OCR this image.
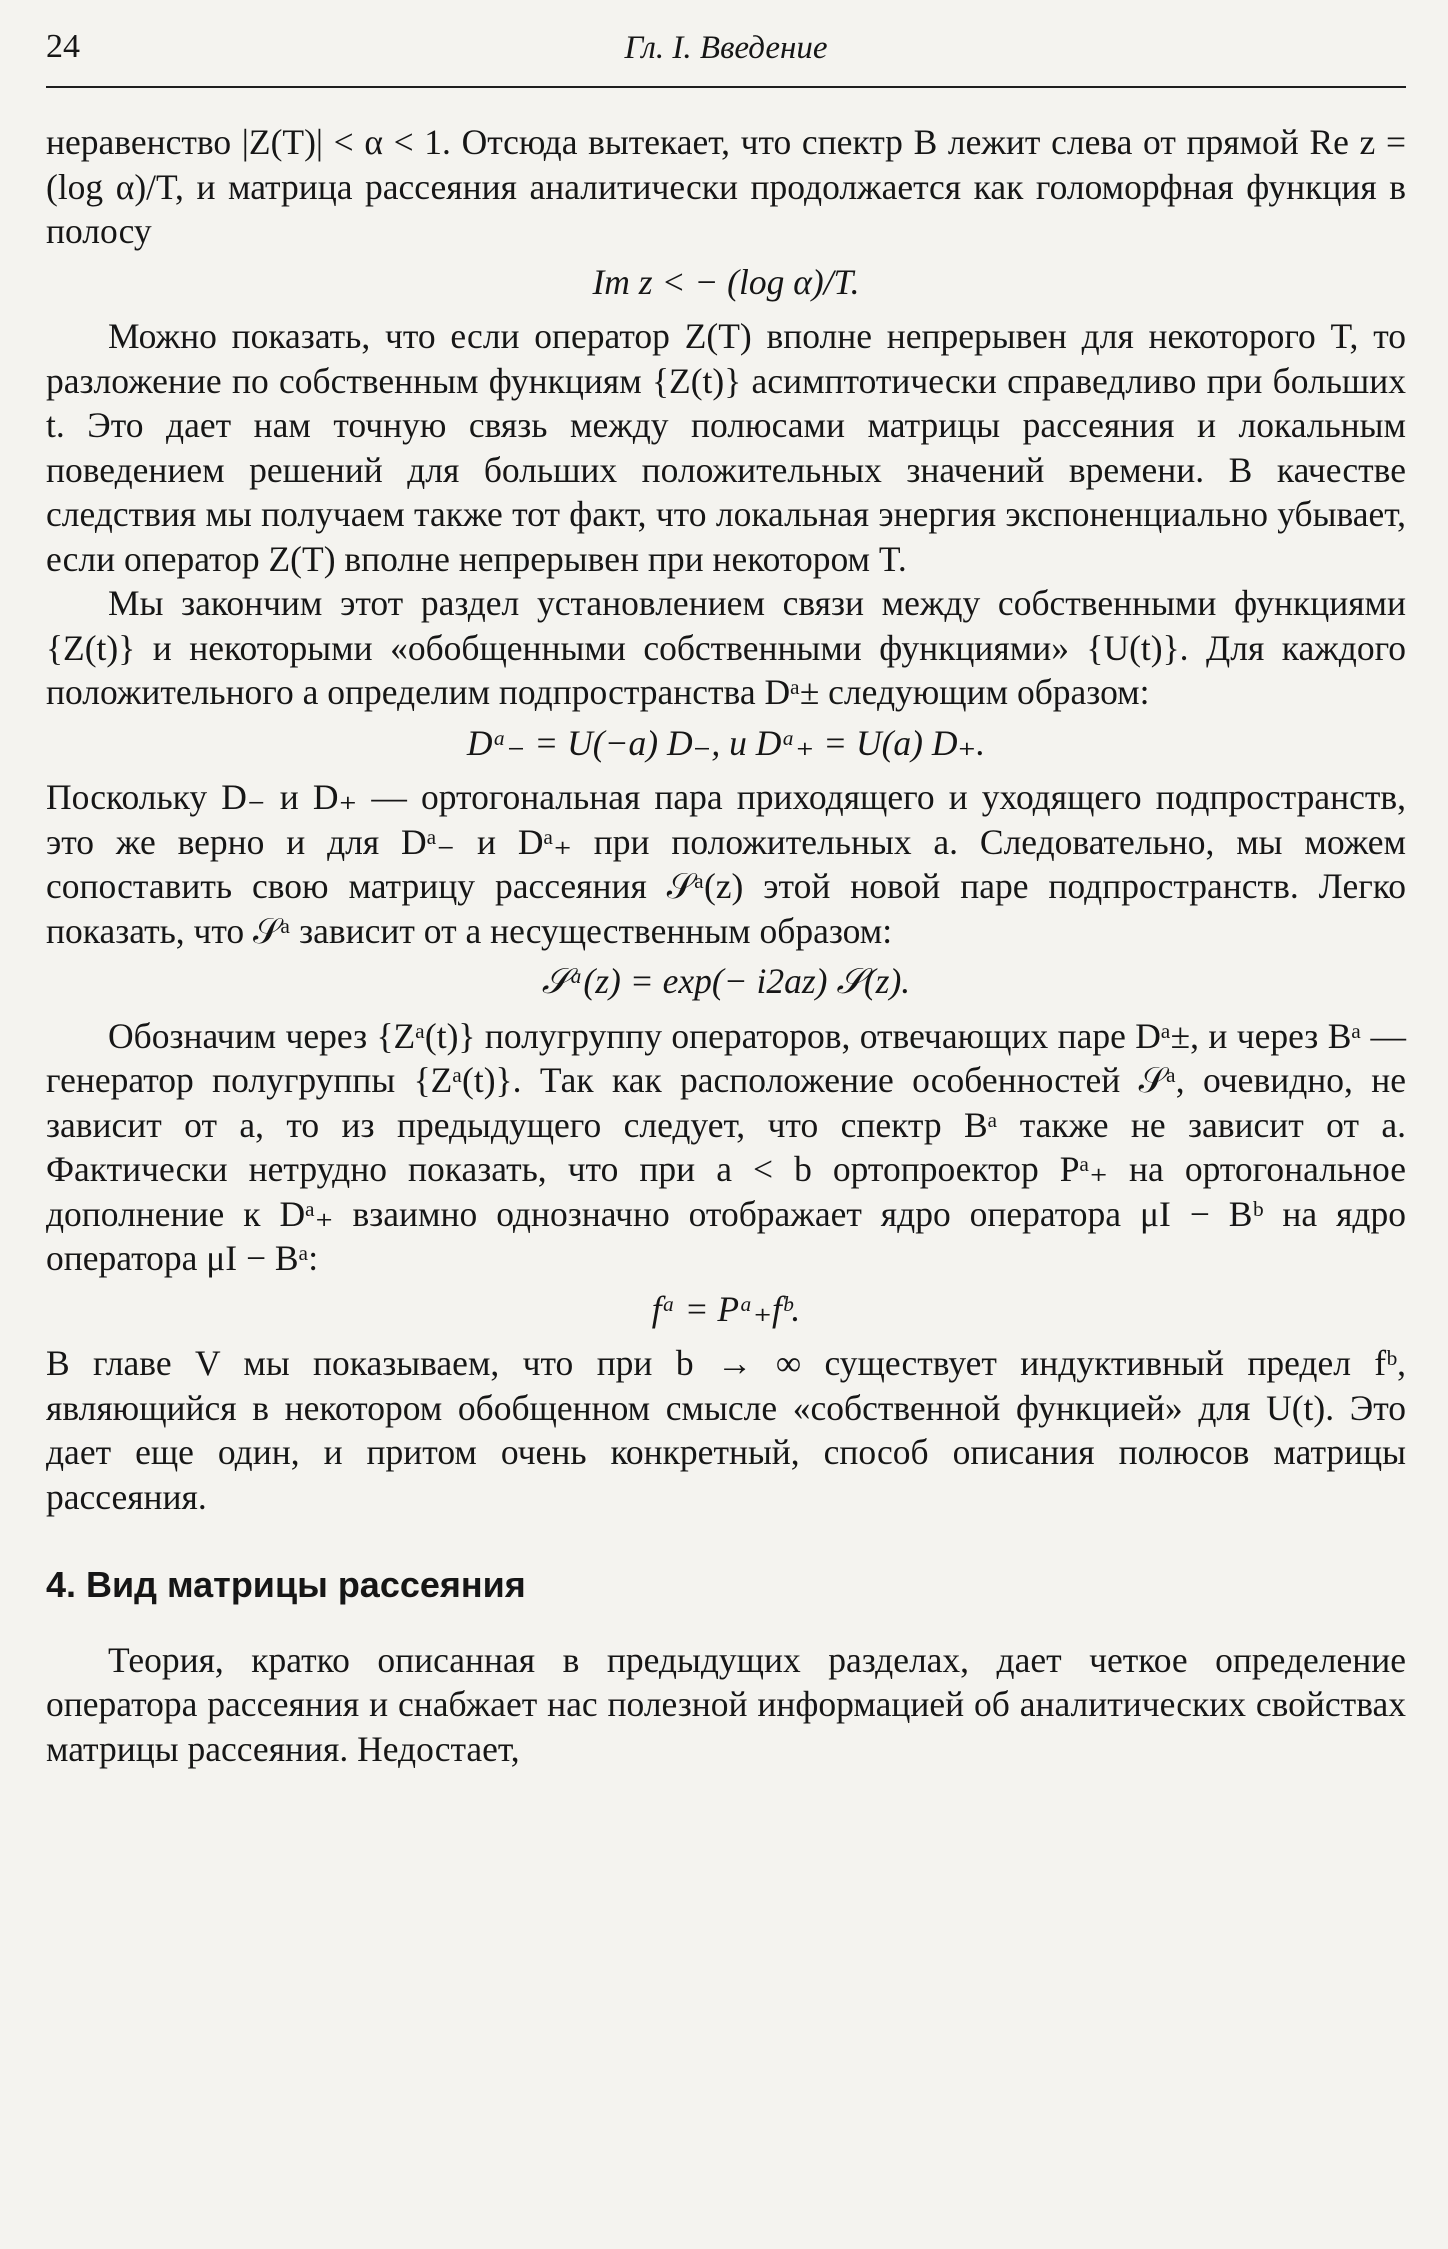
24	Гл. I. Введение

неравенство |Z(T)| < α < 1. Отсюда вытекает, что спектр B лежит слева от прямой Re z = (log α)/T, и матрица рассеяния аналитически продолжается как голоморфная функция в полосу

Im z < − (log α)/T.

Можно показать, что если оператор Z(T) вполне непрерывен для некоторого T, то разложение по собственным функциям {Z(t)} асимптотически справедливо при больших t. Это дает нам точную связь между полюсами матрицы рассеяния и локальным поведением решений для больших положительных значений времени. В качестве следствия мы получаем также тот факт, что локальная энергия экспоненциально убывает, если оператор Z(T) вполне непрерывен при некотором T.

Мы закончим этот раздел установлением связи между собственными функциями {Z(t)} и некоторыми «обобщенными собственными функциями» {U(t)}. Для каждого положительного a определим подпространства Dᵃ± следующим образом:

Dᵃ₋ = U(−a) D₋, и Dᵃ₊ = U(a) D₊.

Поскольку D₋ и D₊ — ортогональная пара приходящего и уходящего подпространств, это же верно и для Dᵃ₋ и Dᵃ₊ при положительных a. Следовательно, мы можем сопоставить свою матрицу рассеяния 𝒮ᵃ(z) этой новой паре подпространств. Легко показать, что 𝒮ᵃ зависит от a несущественным образом:

𝒮ᵃ(z) = exp(− i2az) 𝒮(z).

Обозначим через {Zᵃ(t)} полугруппу операторов, отвечающих паре Dᵃ±, и через Bᵃ — генератор полугруппы {Zᵃ(t)}. Так как расположение особенностей 𝒮ᵃ, очевидно, не зависит от a, то из предыдущего следует, что спектр Bᵃ также не зависит от a. Фактически нетрудно показать, что при a < b ортопроектор Pᵃ₊ на ортогональное дополнение к Dᵃ₊ взаимно однозначно отображает ядро оператора μI − Bᵇ на ядро оператора μI − Bᵃ:

fᵃ = Pᵃ₊fᵇ.

В главе V мы показываем, что при b → ∞ существует индуктивный предел fᵇ, являющийся в некотором обобщенном смысле «собственной функцией» для U(t). Это дает еще один, и притом очень конкретный, способ описания полюсов матрицы рассеяния.

4. Вид матрицы рассеяния

Теория, кратко описанная в предыдущих разделах, дает четкое определение оператора рассеяния и снабжает нас полезной информацией об аналитических свойствах матрицы рассеяния. Недостает,
